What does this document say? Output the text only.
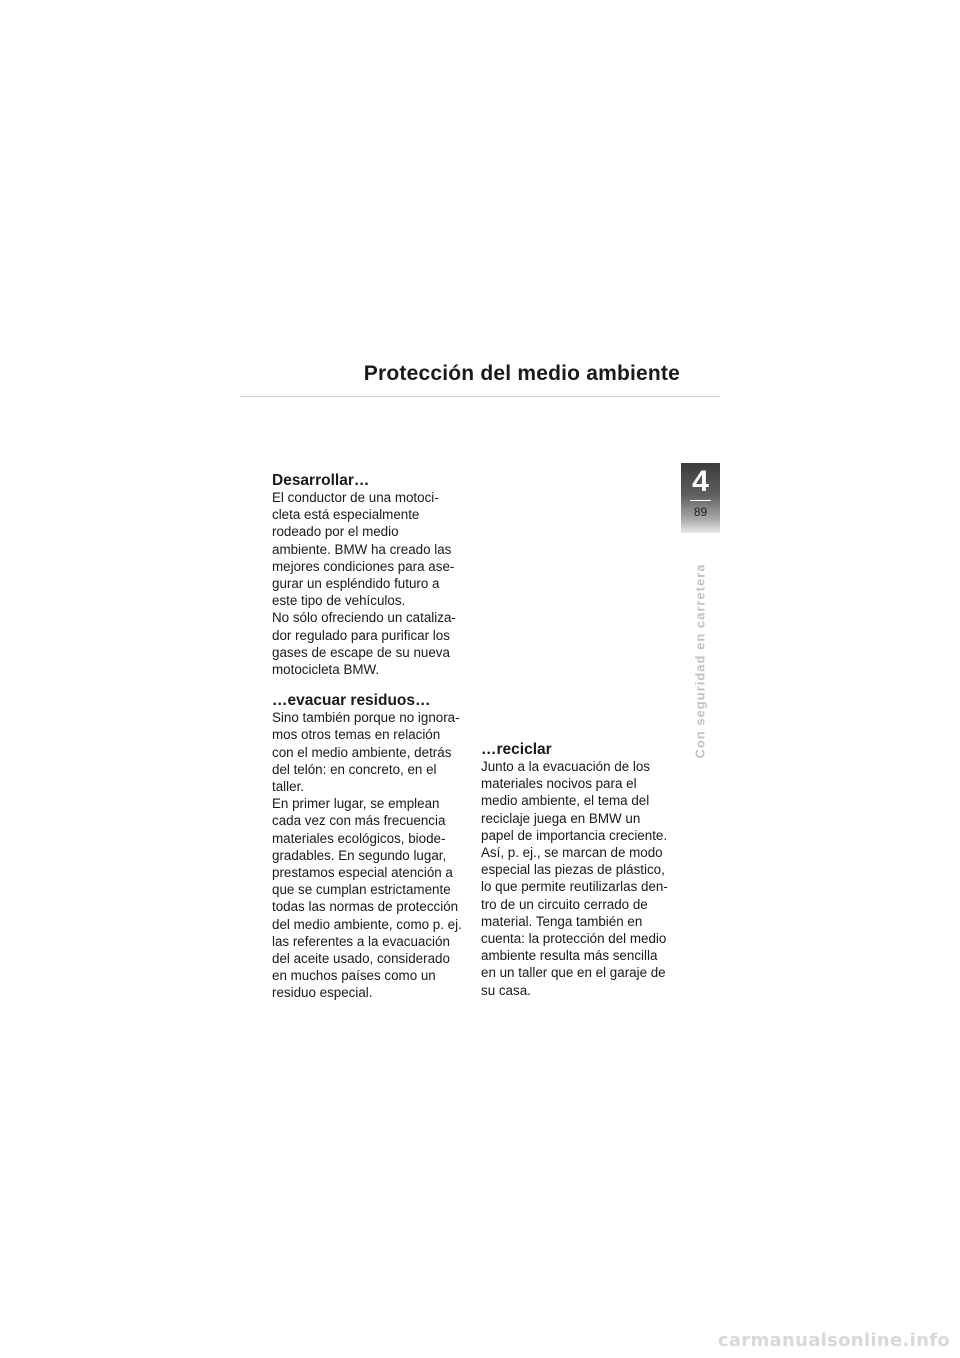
Protección del medio ambiente
4
89
Con seguridad en carretera
Desarrollar…
El conductor de una motoci-
cleta está especialmente
rodeado por el medio
ambiente. BMW ha creado las
mejores condiciones para ase-
gurar un espléndido futuro a
este tipo de vehículos.
No sólo ofreciendo un cataliza-
dor regulado para purificar los
gases de escape de su nueva
motocicleta BMW.
…evacuar residuos…
Sino también porque no ignora-
mos otros temas en relación
con el medio ambiente, detrás
del telón: en concreto, en el
taller.
En primer lugar, se emplean
cada vez con más frecuencia
materiales ecológicos, biode-
gradables. En segundo lugar,
prestamos especial atención a
que se cumplan estrictamente
todas las normas de protección
del medio ambiente, como p. ej.
las referentes a la evacuación
del aceite usado, considerado
en muchos países como un
residuo especial.
…reciclar
Junto a la evacuación de los
materiales nocivos para el
medio ambiente, el tema del
reciclaje juega en BMW un
papel de importancia creciente.
Así, p. ej., se marcan de modo
especial las piezas de plástico,
lo que permite reutilizarlas den-
tro de un circuito cerrado de
material. Tenga también en
cuenta: la protección del medio
ambiente resulta más sencilla
en un taller que en el garaje de
su casa.
carmanualsonline.info
